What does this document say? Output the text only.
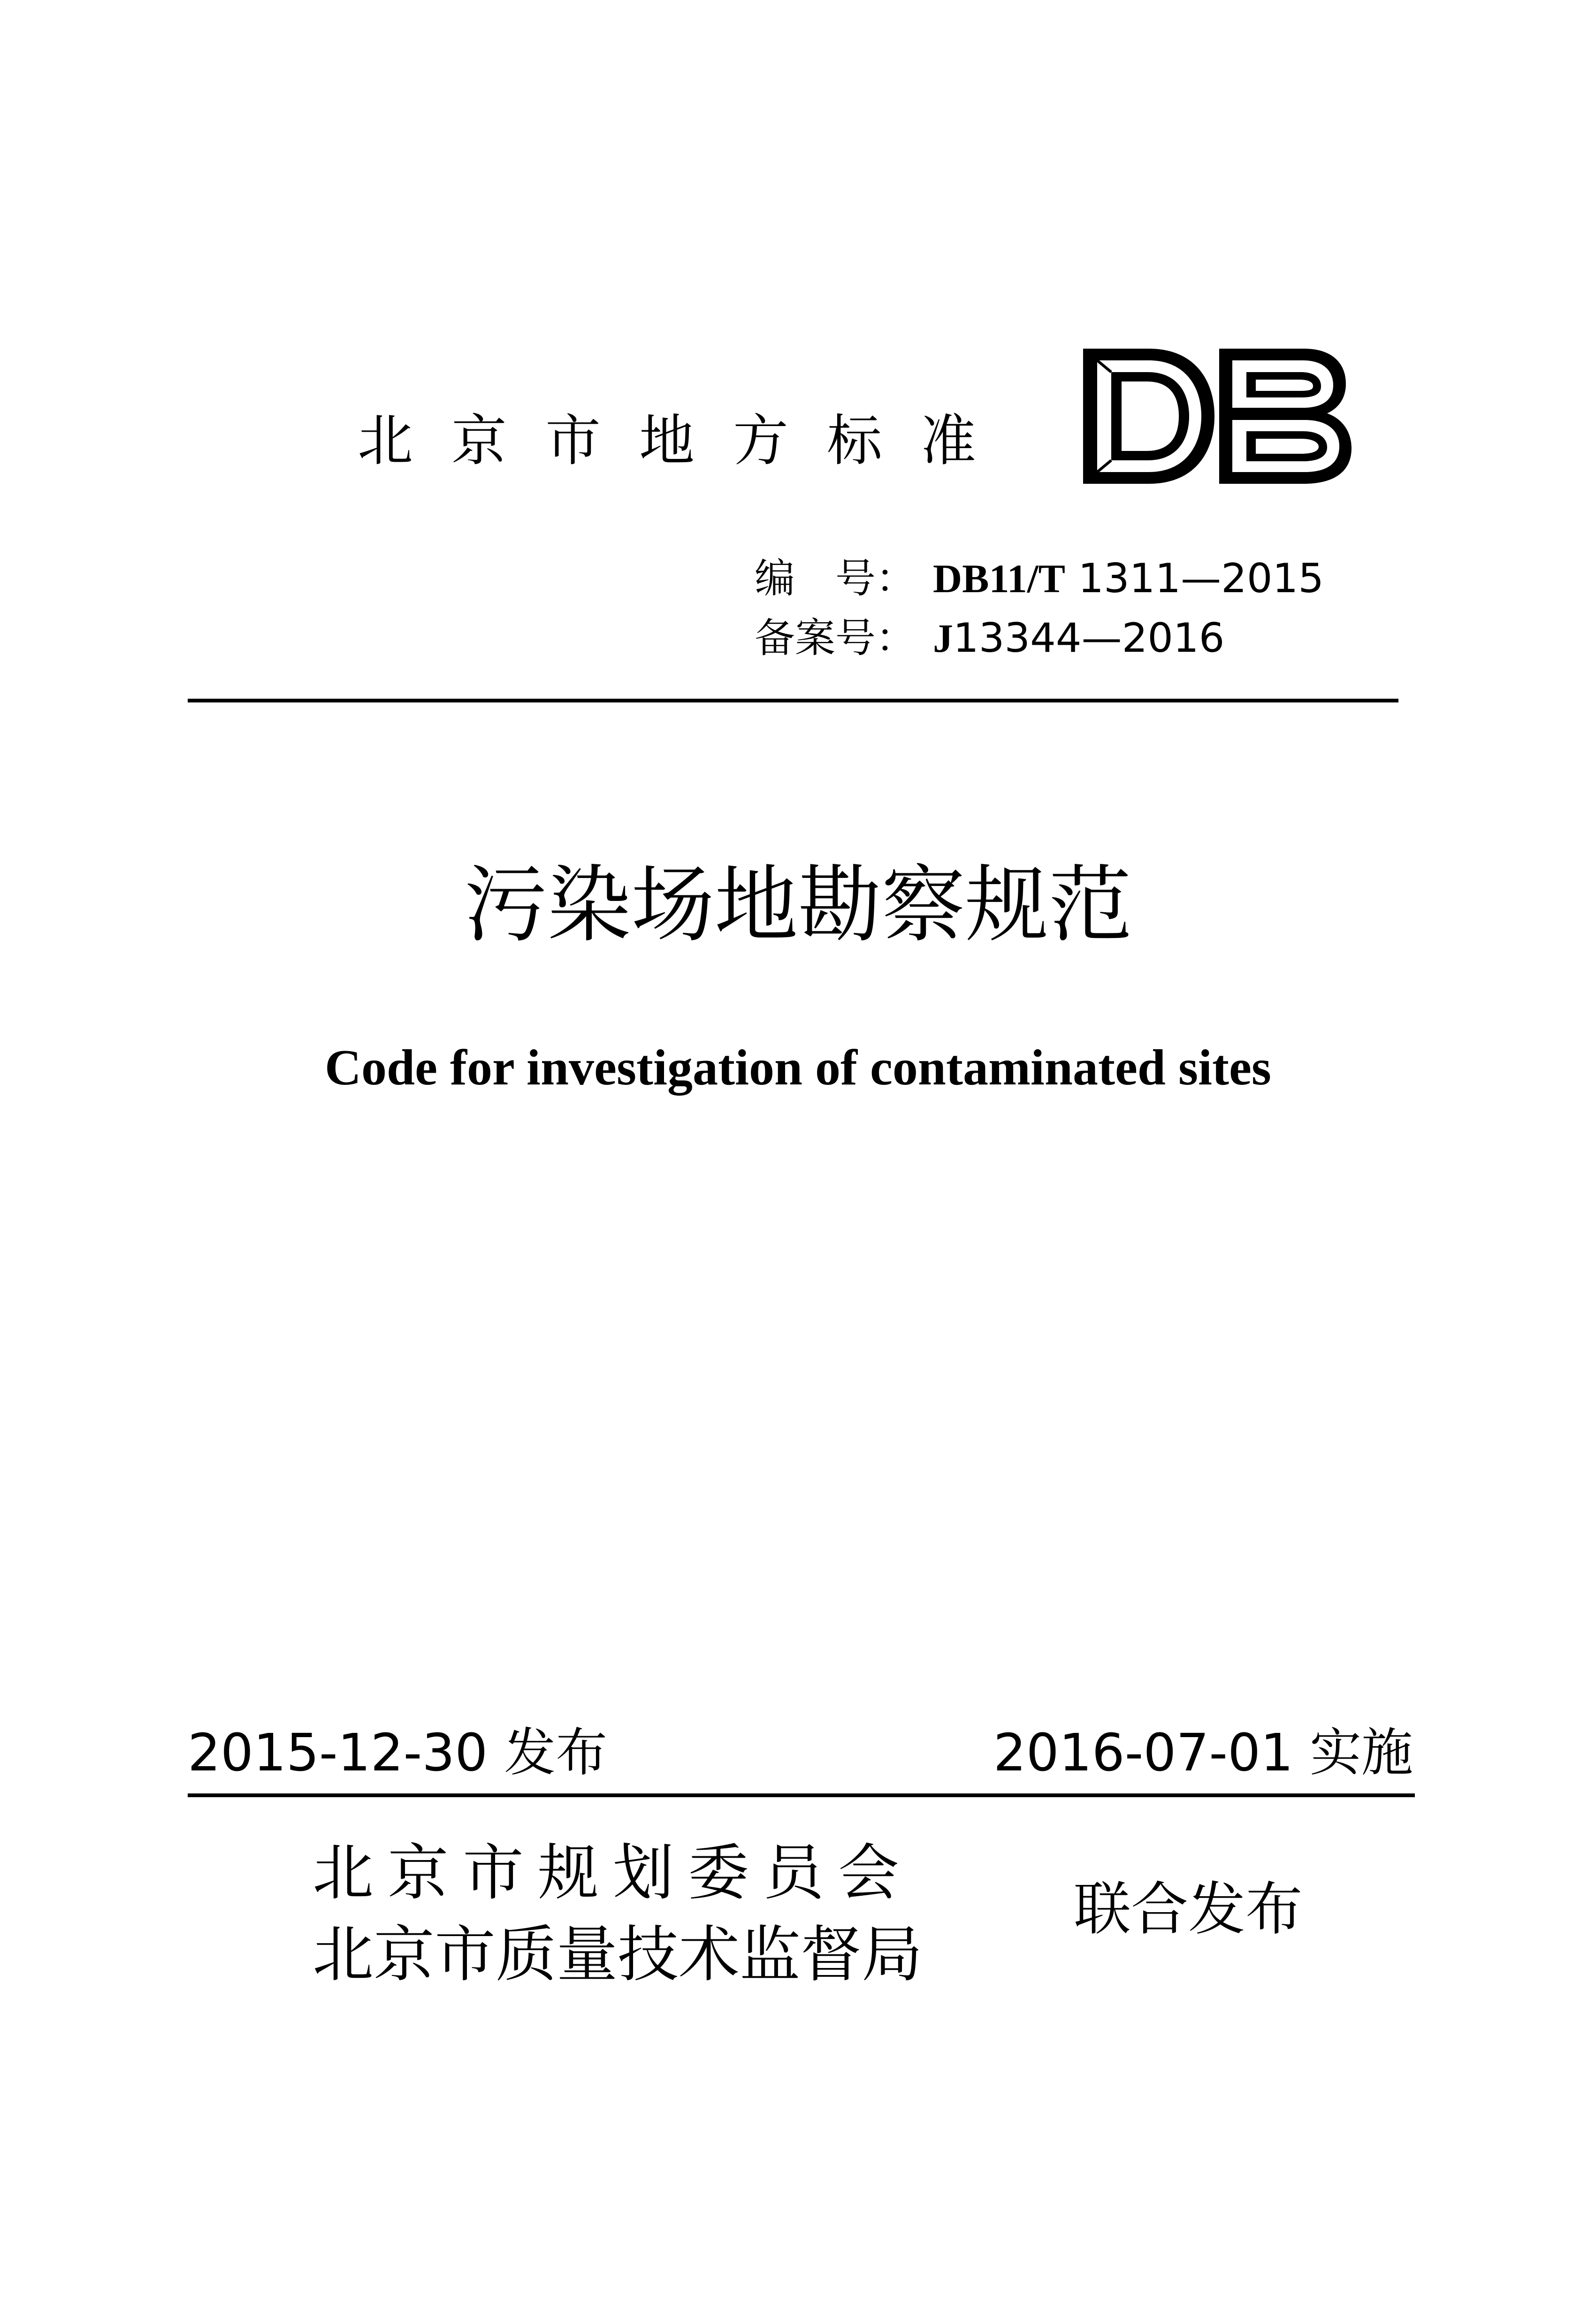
北京市地方标准
编　号： DB11/T 1311—2015
备案号： J13344—2016
污染场地勘察规范
Code for investigation of contaminated sites
2015-12-30 发布	2016-07-01 实施
北京市规划委员会
北京市质量技术监督局
联合发布
